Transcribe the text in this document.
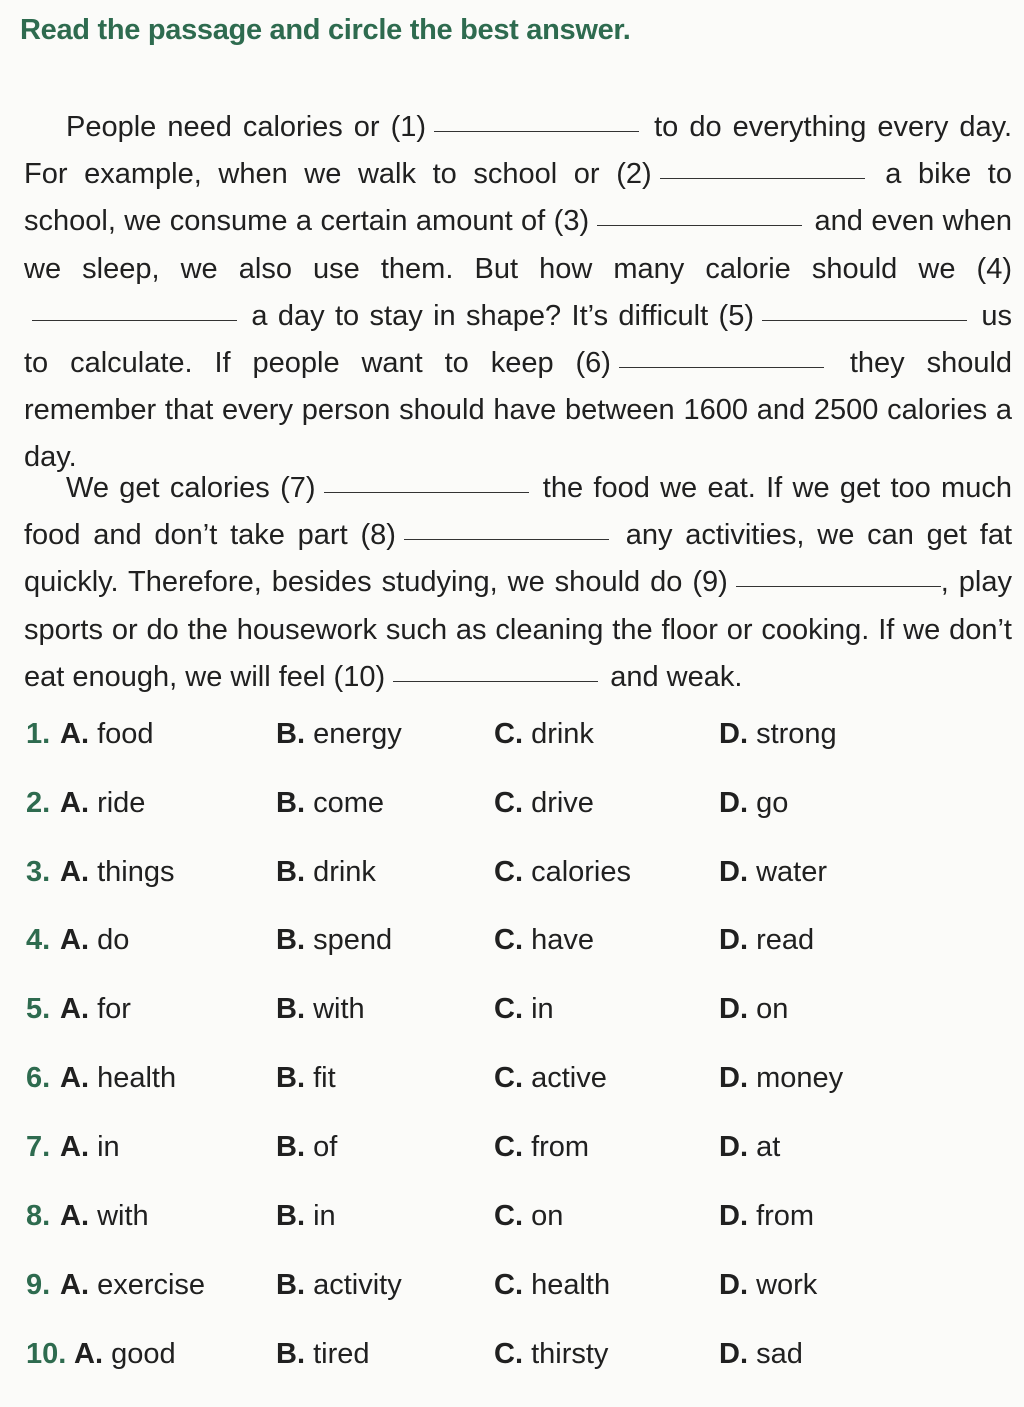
Read the passage and circle the best answer.

People need calories or (1)	to do everything every day. For example, when we walk to school or (2)	a bike to school, we consume a certain amount of (3)	and even when we sleep, we also use them. But how many calorie should we (4) a day to stay in shape? It’s difficult (5)	us to calculate. If people want to keep (6)	they should remember that every person should have between 1600 and 2500 calories a day.

We get calories (7)	the food we eat. If we get too much food and don’t take part (8)	any activities, we can get fat quickly. Therefore, besides studying, we should do (9)	, play sports or do the housework such as cleaning the floor or cooking. If we don’t eat enough, we will feel (10)	and weak.

1. A. food	B. energy	C. drink	D. strong
2. A. ride	B. come	C. drive	D. go
3. A. things	B. drink	C. calories	D. water
4. A. do	B. spend	C. have	D. read
5. A. for	B. with	C. in	D. on
6. A. health	B. fit	C. active	D. money
7. A. in	B. of	C. from	D. at
8. A. with	B. in	C. on	D. from
9. A. exercise B. activity	C. health	D. work
10. A. good	B. tired	C. thirsty	D. sad
